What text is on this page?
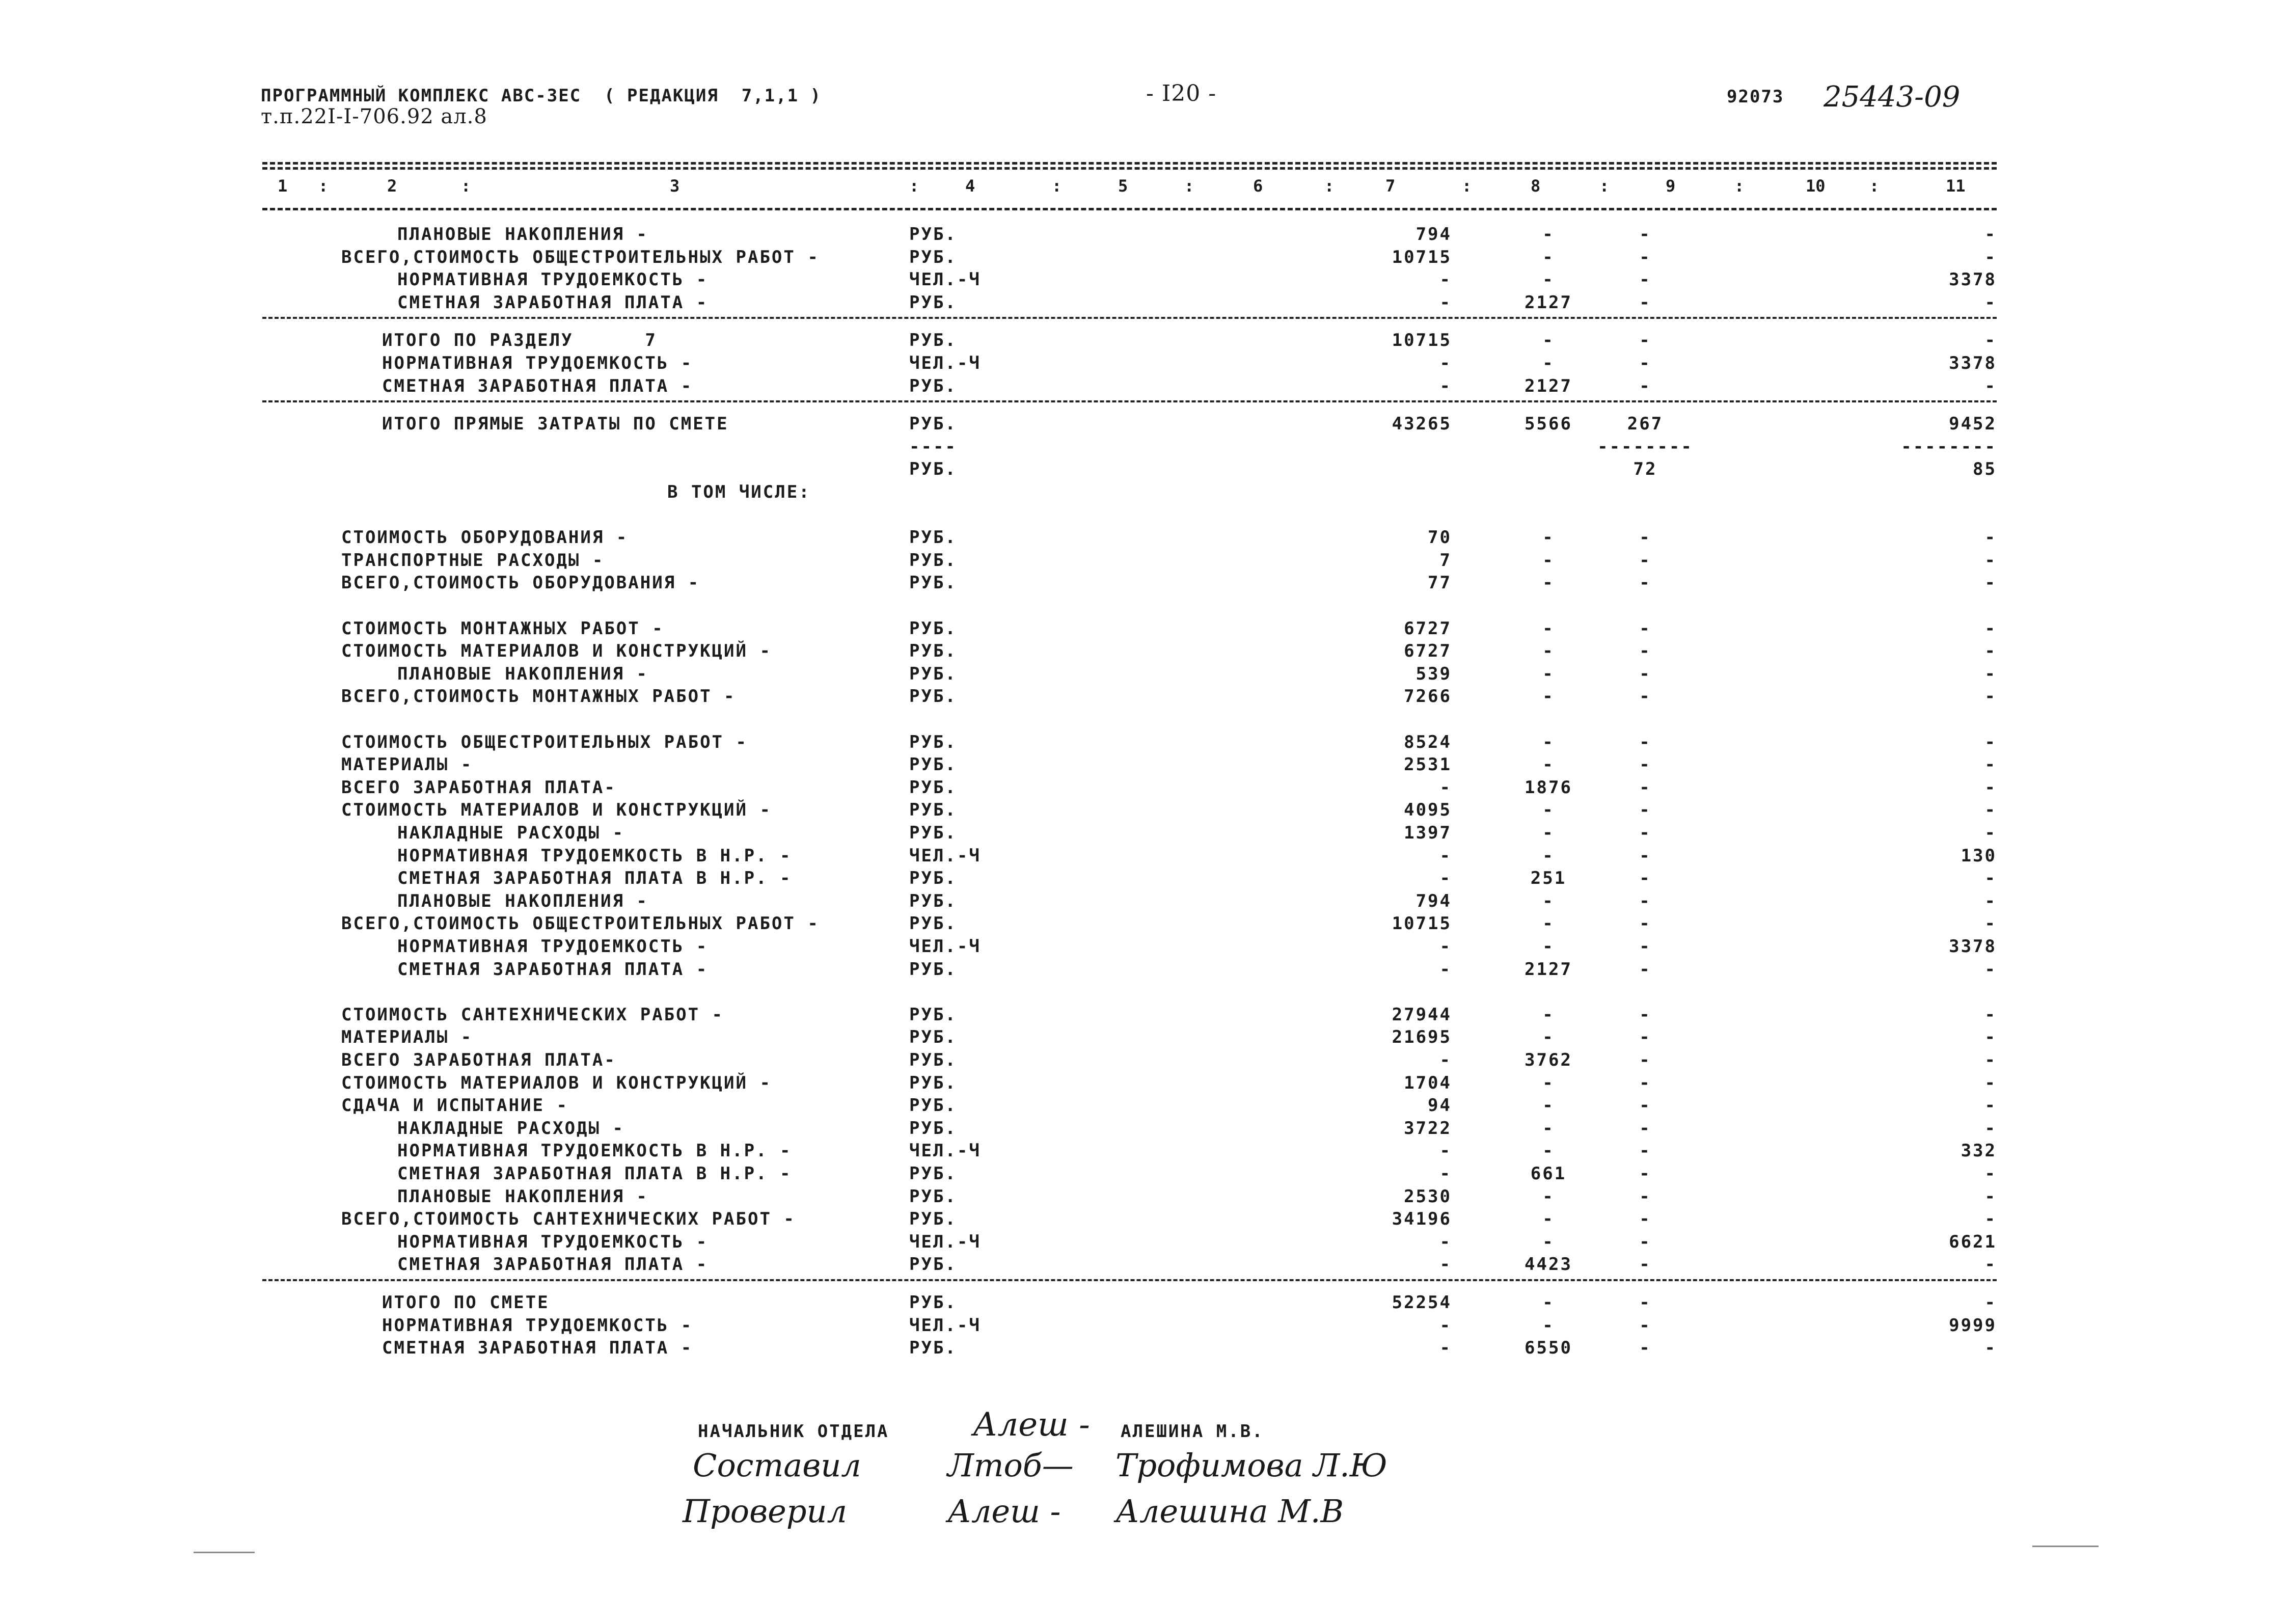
ПРОГРАММНЫЙ КОМПЛЕКС АВС-ЗЕС  ( РЕДАКЦИЯ  7,1,1 )
т.п.22I-I-706.92 ал.8
- I20 -	92073 25443-09
1	2	3	4	5	6	7	8	9	10	11
:	:	:	:	:	:	:	:	:	:
ПЛАНОВЫЕ НАКОПЛЕНИЯ -	РУБ.	794	-	-	-
ВСЕГО,СТОИМОСТЬ ОБЩЕСТРОИТЕЛЬНЫХ РАБОТ -	РУБ.	10715	-	-	-
НОРМАТИВНАЯ ТРУДОЕМКОСТЬ -	ЧЕЛ.-Ч	-	-	-	3378
СМЕТНАЯ ЗАРАБОТНАЯ ПЛАТА -	РУБ.	-	2127	-	-
ИТОГО ПО РАЗДЕЛУ      7	РУБ.	10715	-	-	-
НОРМАТИВНАЯ ТРУДОЕМКОСТЬ -	ЧЕЛ.-Ч	-	-	-	3378
СМЕТНАЯ ЗАРАБОТНАЯ ПЛАТА -	РУБ.	-	2127	-	-
ИТОГО ПРЯМЫЕ ЗАТРАТЫ ПО СМЕТЕ	РУБ.	43265	5566	267	9452
----	--------	--------
РУБ.	72	85
В ТОМ ЧИСЛЕ:
СТОИМОСТЬ ОБОРУДОВАНИЯ -	РУБ.	70	-	-	-
ТРАНСПОРТНЫЕ РАСХОДЫ -	РУБ.	7	-	-	-
ВСЕГО,СТОИМОСТЬ ОБОРУДОВАНИЯ -	РУБ.	77	-	-	-
СТОИМОСТЬ МОНТАЖНЫХ РАБОТ -	РУБ.	6727	-	-	-
СТОИМОСТЬ МАТЕРИАЛОВ И КОНСТРУКЦИЙ -	РУБ.	6727	-	-	-
ПЛАНОВЫЕ НАКОПЛЕНИЯ -	РУБ.	539	-	-	-
ВСЕГО,СТОИМОСТЬ МОНТАЖНЫХ РАБОТ -	РУБ.	7266	-	-	-
СТОИМОСТЬ ОБЩЕСТРОИТЕЛЬНЫХ РАБОТ -	РУБ.	8524	-	-	-
МАТЕРИАЛЫ -	РУБ.	2531	-	-	-
ВСЕГО ЗАРАБОТНАЯ ПЛАТА-	РУБ.	-	1876	-	-
СТОИМОСТЬ МАТЕРИАЛОВ И КОНСТРУКЦИЙ -	РУБ.	4095	-	-	-
НАКЛАДНЫЕ РАСХОДЫ -	РУБ.	1397	-	-	-
НОРМАТИВНАЯ ТРУДОЕМКОСТЬ В Н.Р. -	ЧЕЛ.-Ч	-	-	-	130
СМЕТНАЯ ЗАРАБОТНАЯ ПЛАТА В Н.Р. -	РУБ.	-	251	-	-
ПЛАНОВЫЕ НАКОПЛЕНИЯ -	РУБ.	794	-	-	-
ВСЕГО,СТОИМОСТЬ ОБЩЕСТРОИТЕЛЬНЫХ РАБОТ -	РУБ.	10715	-	-	-
НОРМАТИВНАЯ ТРУДОЕМКОСТЬ -	ЧЕЛ.-Ч	-	-	-	3378
СМЕТНАЯ ЗАРАБОТНАЯ ПЛАТА -	РУБ.	-	2127	-	-
СТОИМОСТЬ САНТЕХНИЧЕСКИХ РАБОТ -	РУБ.	27944	-	-	-
МАТЕРИАЛЫ -	РУБ.	21695	-	-	-
ВСЕГО ЗАРАБОТНАЯ ПЛАТА-	РУБ.	-	3762	-	-
СТОИМОСТЬ МАТЕРИАЛОВ И КОНСТРУКЦИЙ -	РУБ.	1704	-	-	-
СДАЧА И ИСПЫТАНИЕ -	РУБ.	94	-	-	-
НАКЛАДНЫЕ РАСХОДЫ -	РУБ.	3722	-	-	-
НОРМАТИВНАЯ ТРУДОЕМКОСТЬ В Н.Р. -	ЧЕЛ.-Ч	-	-	-	332
СМЕТНАЯ ЗАРАБОТНАЯ ПЛАТА В Н.Р. -	РУБ.	-	661	-	-
ПЛАНОВЫЕ НАКОПЛЕНИЯ -	РУБ.	2530	-	-	-
ВСЕГО,СТОИМОСТЬ САНТЕХНИЧЕСКИХ РАБОТ -	РУБ.	34196	-	-	-
НОРМАТИВНАЯ ТРУДОЕМКОСТЬ -	ЧЕЛ.-Ч	-	-	-	6621
СМЕТНАЯ ЗАРАБОТНАЯ ПЛАТА -	РУБ.	-	4423	-	-
ИТОГО ПО СМЕТЕ	РУБ.	52254	-	-	-
НОРМАТИВНАЯ ТРУДОЕМКОСТЬ -	ЧЕЛ.-Ч	-	-	-	9999
СМЕТНАЯ ЗАРАБОТНАЯ ПЛАТА -	РУБ.	-	6550	-	-
НАЧАЛЬНИК ОТДЕЛА	Алеш - АЛЕШИНА М.В.
Составил	Лтоб— Трофимова Л.Ю
Проверил	Алеш - Алешина М.В
